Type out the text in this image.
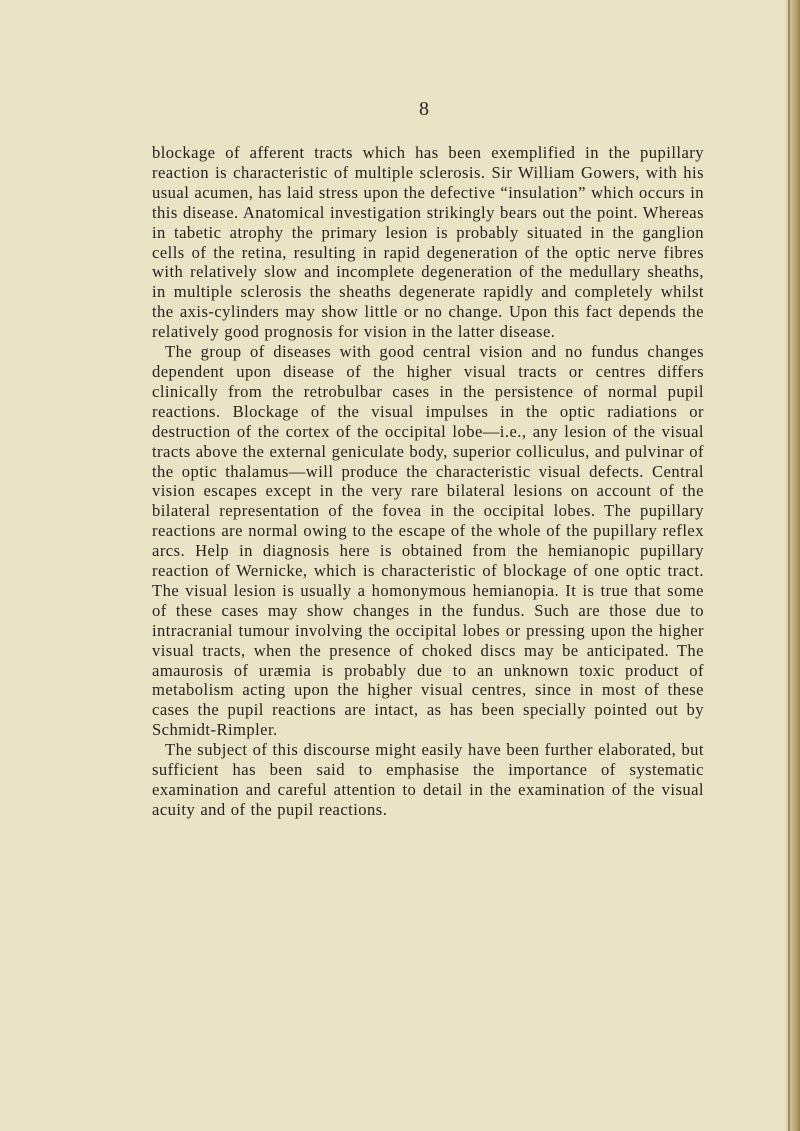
8

blockage of afferent tracts which has been exemplified in the pupillary reaction is characteristic of multiple sclerosis. Sir William Gowers, with his usual acumen, has laid stress upon the defective “insulation” which occurs in this disease. Anatomical investigation strikingly bears out the point. Whereas in tabetic atrophy the primary lesion is probably situated in the ganglion cells of the retina, resulting in rapid degeneration of the optic nerve fibres with relatively slow and incomplete degeneration of the medullary sheaths, in multiple sclerosis the sheaths degenerate rapidly and completely whilst the axis-cylinders may show little or no change. Upon this fact depends the relatively good prognosis for vision in the latter disease.

The group of diseases with good central vision and no fundus changes dependent upon disease of the higher visual tracts or centres differs clinically from the retrobulbar cases in the persistence of normal pupil reactions. Blockage of the visual impulses in the optic radiations or destruction of the cortex of the occipital lobe—i.e., any lesion of the visual tracts above the external geniculate body, superior colliculus, and pulvinar of the optic thalamus—will produce the characteristic visual defects. Central vision escapes except in the very rare bilateral lesions on account of the bilateral representation of the fovea in the occipital lobes. The pupillary reactions are normal owing to the escape of the whole of the pupillary reflex arcs. Help in diagnosis here is obtained from the hemianopic pupillary reaction of Wernicke, which is characteristic of blockage of one optic tract. The visual lesion is usually a homonymous hemianopia. It is true that some of these cases may show changes in the fundus. Such are those due to intracranial tumour involving the occipital lobes or pressing upon the higher visual tracts, when the presence of choked discs may be anticipated. The amaurosis of uræmia is probably due to an unknown toxic product of metabolism acting upon the higher visual centres, since in most of these cases the pupil reactions are intact, as has been specially pointed out by Schmidt-Rimpler.

The subject of this discourse might easily have been further elaborated, but sufficient has been said to emphasise the importance of systematic examination and careful attention to detail in the examination of the visual acuity and of the pupil reactions.
